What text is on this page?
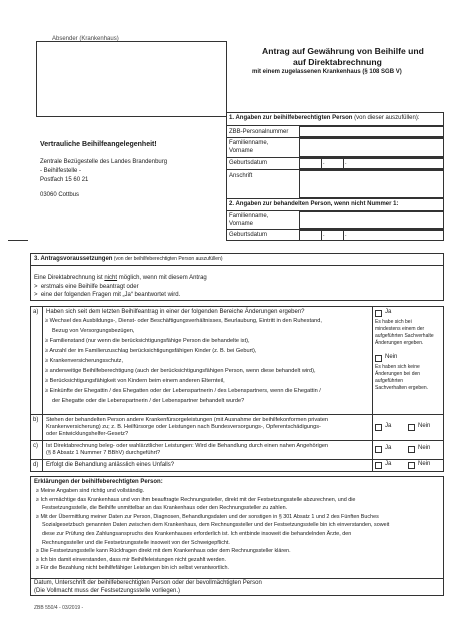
Absender (Krankenhaus)
Antrag auf Gewährung von Beihilfe und
auf Direktabrechnung
mit einem zugelassenen Krankenhaus (§ 108 SGB V)
Vertrauliche Beihilfeangelegenheit!
Zentrale Bezügestelle des Landes Brandenburg
- Beihilfestelle -
Postfach 15 60 21
03060 Cottbus
1. Angaben zur beihilfeberechtigten Person (von dieser auszufüllen):
ZBB-Personalnummer
Familienname,
Vorname
Geburtsdatum	.	.
Anschrift
2. Angaben zur behandelten Person, wenn nicht Nummer 1:
Familienname,
Vorname
Geburtsdatum	.	.
3. Antragsvoraussetzungen (von der beihilfeberechtigten Person auszufüllen)
Eine Direktabrechnung ist nicht möglich, wenn mit diesem Antrag
>  erstmals eine Beihilfe beantragt oder
>  eine der folgenden Fragen mit „Ja“ beantwortet wird.
a) Haben sich seit dem letzten Beihilfeantrag in einer der folgenden Bereiche Änderungen ergeben?
≥ Wechsel des Ausbildungs-, Dienst- oder Beschäftigungsverhältnisses, Beurlaubung, Eintritt in den Ruhestand,
Bezug von Versorgungsbezügen,
≥ Familienstand (nur wenn die berücksichtigungsfähige Person die behandelte ist),
≥ Anzahl der im Familienzuschlag berücksichtigungsfähigen Kinder (z. B. bei Geburt),
≥ Krankenversicherungsschutz,
≥ anderweitige Beihilfeberechtigung (auch der berücksichtigungsfähigen Person, wenn diese behandelt wird),
≥ Berücksichtigungsfähigkeit von Kindern beim einem anderen Elternteil,
≥ Einkünfte der Ehegattin / des Ehegatten oder der Lebenspartnerin / des Lebenspartners, wenn die Ehegattin /
der Ehegatte oder die Lebenspartnerin / der Lebenspartner behandelt wurde?
Ja
Es habe sich bei
mindestens einem der
aufgeführten Sachverhalte
Änderungen ergeben.
Nein
Es haben sich keine
Änderungen bei den
aufgeführten
Sachverhalten ergeben.
b) Stehen der behandelten Person andere Krankenfürsorgeleistungen (mit Ausnahme der beihilfekonformen privaten
Krankenversicherung) zu; z. B. Heilfürsorge oder Leistungen nach Bundesversorgungs-, Opferentschädigungs-
oder Entwicklungshelfer-Gesetz?
Ja	Nein
c) Ist Direktabrechnung beleg- oder wahlärztlicher Leistungen: Wird die Behandlung durch einen nahen Angehörigen
(§ 8 Absatz 1 Nummer 7 BBhV) durchgeführt?
Ja	Nein
d) Erfolgt die Behandlung anlässlich eines Unfalls?	Ja	Nein
Erklärungen der beihilfeberechtigten Person:
≥ Meine Angaben sind richtig und vollständig.
≥ Ich ermächtige das Krankenhaus und von ihm beauftragte Rechnungssteller, direkt mit der Festsetzungsstelle abzurechnen, und die
Festsetzungsstelle, die Beihilfe unmittelbar an das Krankenhaus oder den Rechnungssteller zu zahlen.
≥ Mit der Übermittlung meiner Daten zur Person, Diagnosen, Behandlungsdaten und der sonstigen in § 301 Absatz 1 und 2 des Fünften Buches
Sozialgesetzbuch genannten Daten zwischen dem Krankenhaus, dem Rechnungssteller und der Festsetzungsstelle bin ich einverstanden, soweit
diese zur Prüfung des Zahlungsanspruchs des Krankenhauses erforderlich ist. Ich entbinde insoweit die behandelnden Ärzte, den
Rechnungssteller und die Festsetzungsstelle insoweit von der Schweigepflicht.
≥ Die Festsetzungsstelle kann Rückfragen direkt mit dem Krankenhaus oder dem Rechnungssteller klären.
≥ Ich bin damit einverstanden, dass mir Beihilfeleistungen nicht gezahlt werden.
≥ Für die Bezahlung nicht beihilfefähiger Leistungen bin ich selbst verantwortlich.
Datum, Unterschrift der beihilfeberechtigten Person oder der bevollmächtigten Person
(Die Vollmacht muss der Festsetzungsstelle vorliegen.)
ZBB 550/4 - 03/2019 -
